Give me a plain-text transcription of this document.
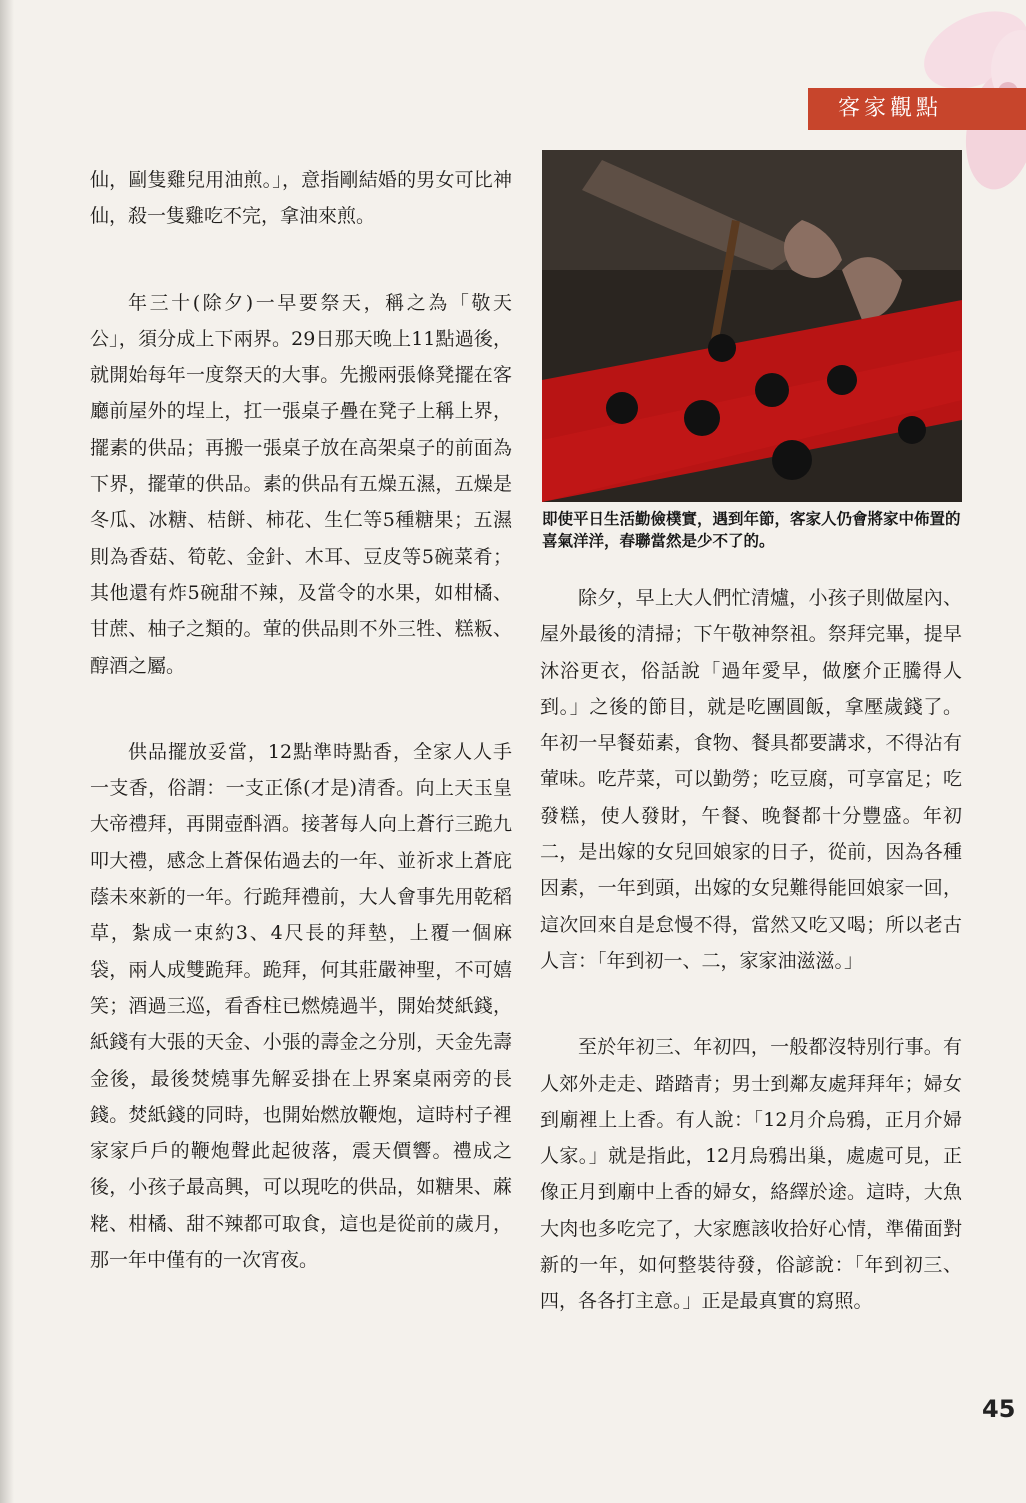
客家觀點

仙，剾隻雞兒用油煎。」，意指剛結婚的男女可比神仙，殺一隻雞吃不完，拿油來煎。

年三十(除夕)一早要祭天，稱之為「敬天公」，須分成上下兩界。29日那天晚上11點過後，就開始每年一度祭天的大事。先搬兩張條凳擺在客廳前屋外的埕上，扛一張桌子疊在凳子上稱上界，擺素的供品；再搬一張桌子放在高架桌子的前面為下界，擺葷的供品。素的供品有五燥五濕，五燥是冬瓜、冰糖、桔餅、柿花、生仁等5種糖果；五濕則為香菇、筍乾、金針、木耳、豆皮等5碗菜肴；其他還有炸5碗甜不辣，及當令的水果，如柑橘、甘蔗、柚子之類的。葷的供品則不外三牲、糕粄、醇酒之屬。

供品擺放妥當，12點準時點香，全家人人手一支香，俗謂：一支正係(才是)清香。向上天玉皇大帝禮拜，再開壺酙酒。接著每人向上蒼行三跪九叩大禮，感念上蒼保佑過去的一年、並祈求上蒼庇蔭未來新的一年。行跪拜禮前，大人會事先用乾稻草，紮成一束約3、4尺長的拜墊，上覆一個麻袋，兩人成雙跪拜。跪拜，何其莊嚴神聖，不可嬉笑；酒過三巡，看香柱已燃燒過半，開始焚紙錢，紙錢有大張的天金、小張的壽金之分別，天金先壽金後，最後焚燒事先解妥掛在上界案桌兩旁的長錢。焚紙錢的同時，也開始燃放鞭炮，這時村子裡家家戶戶的鞭炮聲此起彼落，震天價響。禮成之後，小孩子最高興，可以現吃的供品，如糖果、蔴粩、柑橘、甜不辣都可取食，這也是從前的歲月，那一年中僅有的一次宵夜。

即使平日生活勤儉樸實，遇到年節，客家人仍會將家中佈置的喜氣洋洋，春聯當然是少不了的。

除夕，早上大人們忙清爐，小孩子則做屋內、屋外最後的清掃；下午敬神祭祖。祭拜完畢，提早沐浴更衣，俗話說「過年愛早，做麼介正騰得人到。」之後的節目，就是吃團圓飯，拿壓歲錢了。年初一早餐茹素，食物、餐具都要講求，不得沾有葷味。吃芹菜，可以勤勞；吃豆腐，可享富足；吃發糕，使人發財，午餐、晚餐都十分豐盛。年初二，是出嫁的女兒回娘家的日子，從前，因為各種因素，一年到頭，出嫁的女兒難得能回娘家一回，這次回來自是怠慢不得，當然又吃又喝；所以老古人言：「年到初一、二，家家油滋滋。」

至於年初三、年初四，一般都沒特別行事。有人郊外走走、踏踏青；男士到鄰友處拜拜年；婦女到廟裡上上香。有人說：「12月介烏鴉，正月介婦人家。」就是指此，12月烏鴉出巢，處處可見，正像正月到廟中上香的婦女，絡繹於途。這時，大魚大肉也多吃完了，大家應該收拾好心情，準備面對新的一年，如何整裝待發，俗諺說：「年到初三、四，各各打主意。」正是最真實的寫照。

45
